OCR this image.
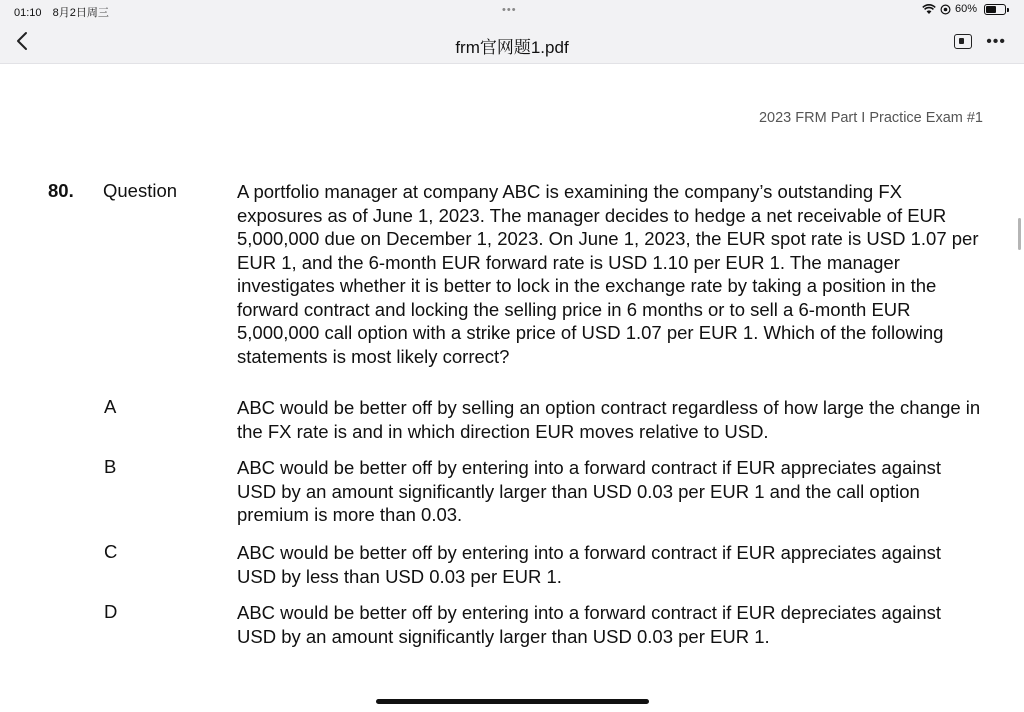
01:10 8月2日周三	•••	60%
frm官网题1.pdf	•••
2023 FRM Part I Practice Exam #1
80. Question	A portfolio manager at company ABC is examining the company’s outstanding FX exposures as of June 1, 2023. The manager decides to hedge a net receivable of EUR 5,000,000 due on December 1, 2023. On June 1, 2023, the EUR spot rate is USD 1.07 per EUR 1, and the 6-month EUR forward rate is USD 1.10 per EUR 1. The manager investigates whether it is better to lock in the exchange rate by taking a position in the forward contract and locking the selling price in 6 months or to sell a 6-month EUR 5,000,000 call option with a strike price of USD 1.07 per EUR 1. Which of the following statements is most likely correct?
A	ABC would be better off by selling an option contract regardless of how large the change in the FX rate is and in which direction EUR moves relative to USD.
B	ABC would be better off by entering into a forward contract if EUR appreciates against USD by an amount significantly larger than USD 0.03 per EUR 1 and the call option premium is more than 0.03.
C	ABC would be better off by entering into a forward contract if EUR appreciates against USD by less than USD 0.03 per EUR 1.
D	ABC would be better off by entering into a forward contract if EUR depreciates against USD by an amount significantly larger than USD 0.03 per EUR 1.
